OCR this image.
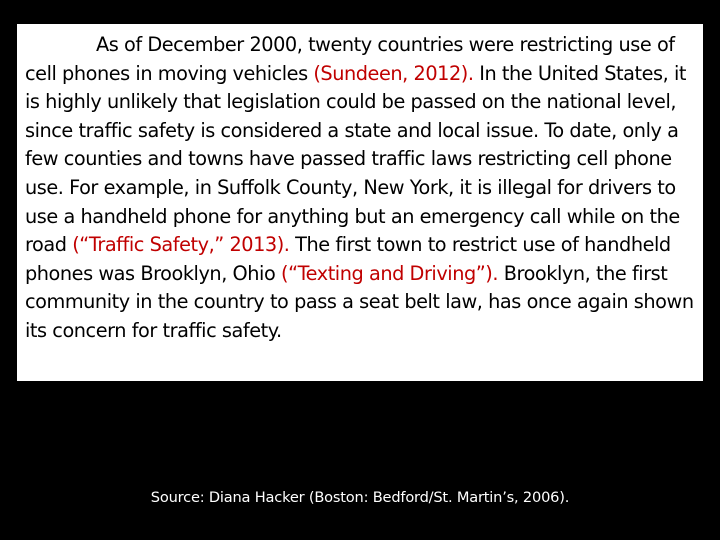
As of December 2000, twenty countries were restricting use of cell phones in moving vehicles (Sundeen, 2012). In the United States, it is highly unlikely that legislation could be passed on the national level, since traffic safety is considered a state and local issue. To date, only a few counties and towns have passed traffic laws restricting cell phone use. For example, in Suffolk County, New York, it is illegal for drivers to use a handheld phone for anything but an emergency call while on the road (“Traffic Safety,” 2013). The first town to restrict use of handheld phones was Brooklyn, Ohio (“Texting and Driving”). Brooklyn, the first community in the country to pass a seat belt law, has once again shown its concern for traffic safety.

Source: Diana Hacker (Boston: Bedford/St. Martin’s, 2006).
